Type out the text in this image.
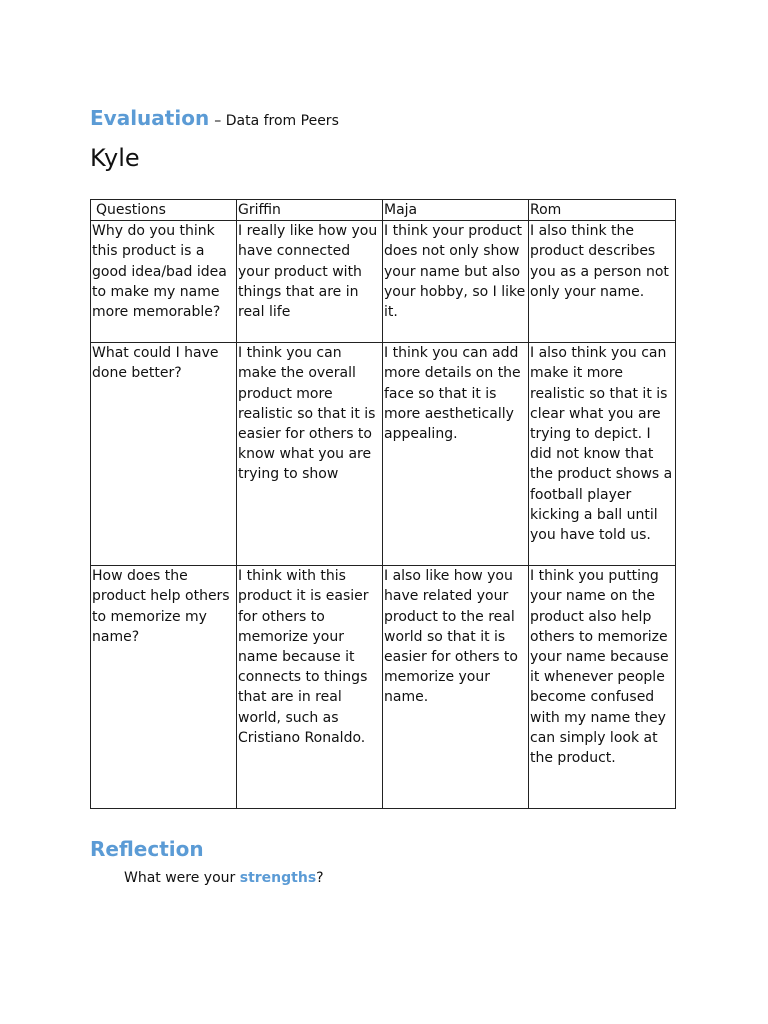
Evaluation – Data from Peers
Kyle
Questions	Griffin	Maja	Rom
Why do you think this product is a good idea/bad idea to make my name more memorable?	I really like how you have connected your product with things that are in real life	I think your product does not only show your name but also your hobby, so I like it.	I also think the product describes you as a person not only your name.
What could I have done better?	I think you can make the overall product more realistic so that it is easier for others to know what you are trying to show	I think you can add more details on the face so that it is more aesthetically appealing.	I also think you can make it more realistic so that it is clear what you are trying to depict. I did not know that the product shows a football player kicking a ball until you have told us.
How does the product help others to memorize my name?	I think with this product it is easier for others to memorize your name because it connects to things that are in real world, such as Cristiano Ronaldo.	I also like how you have related your product to the real world so that it is easier for others to memorize your name.	I think you putting your name on the product also help others to memorize your name because it whenever people become confused with my name they can simply look at the product.
Reflection
What were your strengths?
